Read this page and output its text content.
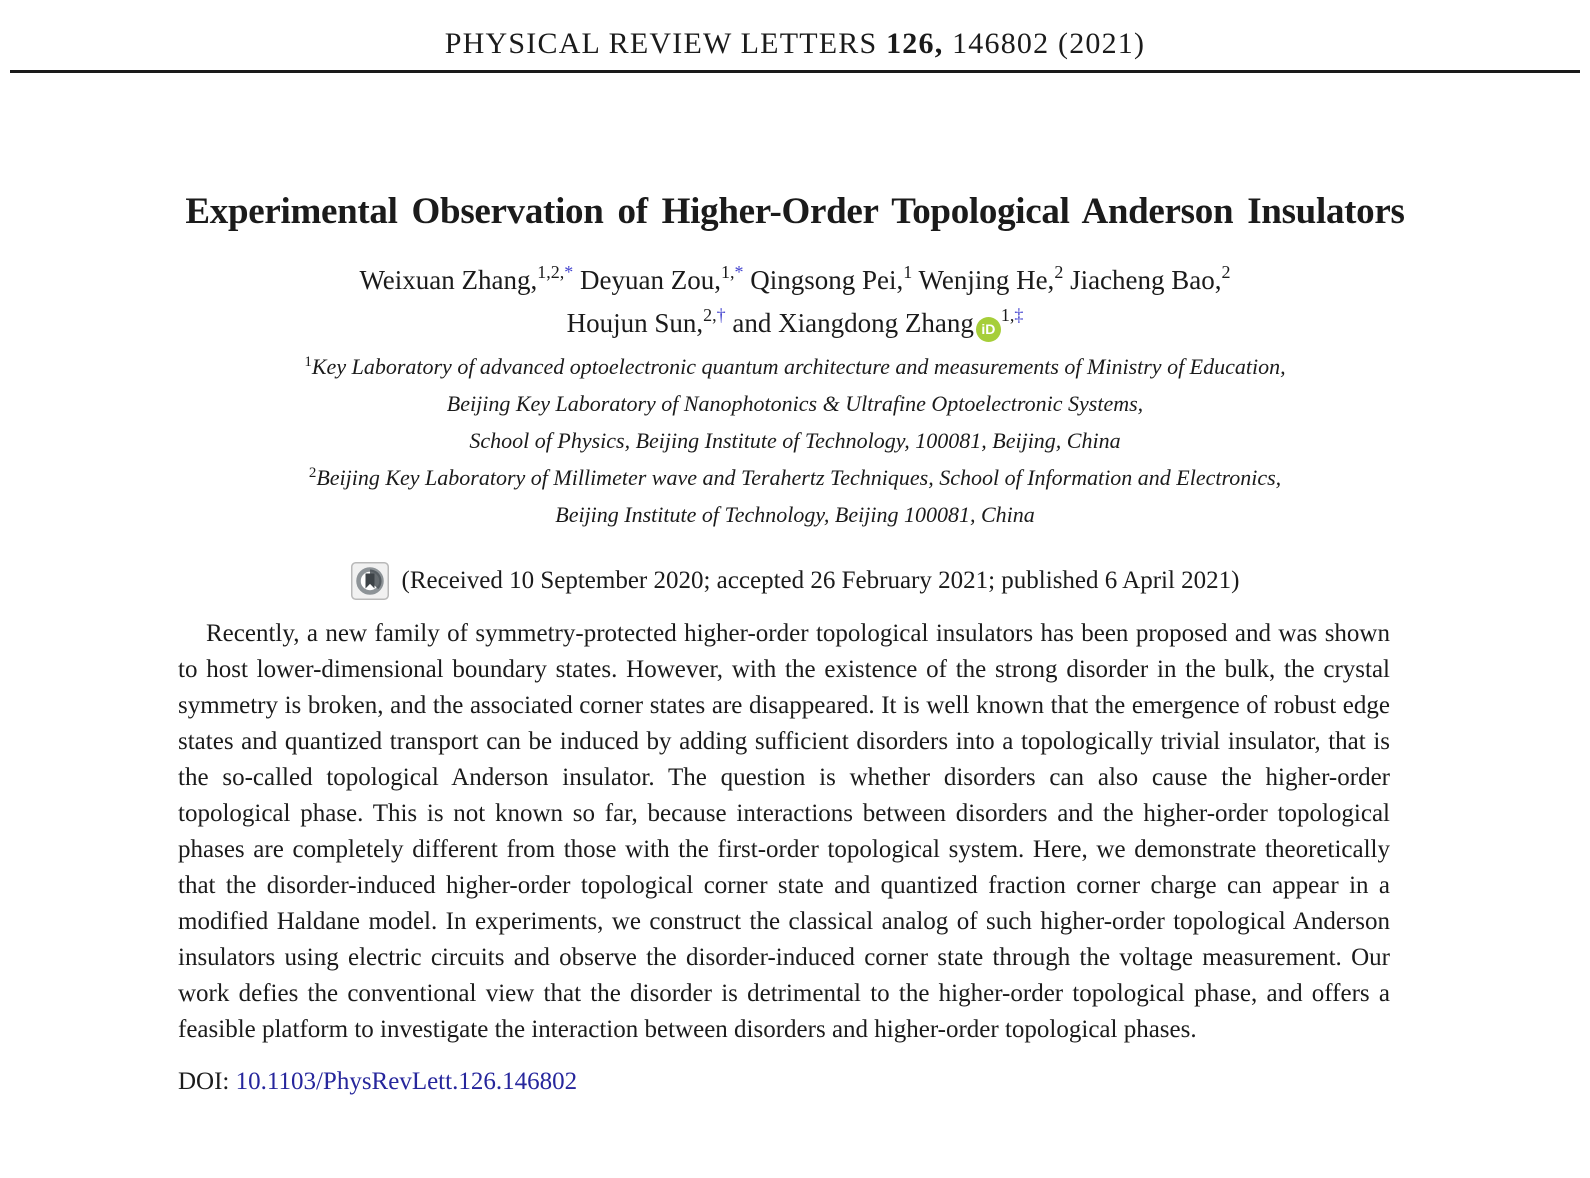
PHYSICAL REVIEW LETTERS 126, 146802 (2021)
Experimental Observation of Higher-Order Topological Anderson Insulators
Weixuan Zhang,$^{1,2,*}$ Deyuan Zou,$^{1,*}$ Qingsong Pei,$^1$ Wenjing He,$^2$ Jiacheng Bao,$^2$
Houjun Sun,$^{2,\dagger}$ and Xiangdong Zhang $iD^{1,\ddagger}$
$^1$Key Laboratory of advanced optoelectronic quantum architecture and measurements of Ministry of Education,
Beijing Key Laboratory of Nanophotonics & Ultrafine Optoelectronic Systems,
School of Physics, Beijing Institute of Technology, 100081, Beijing, China
$^2$Beijing Key Laboratory of Millimeter wave and Terahertz Techniques, School of Information and Electronics,
Beijing Institute of Technology, Beijing 100081, China
(Received 10 September 2020; accepted 26 February 2021; published 6 April 2021)

Recently, a new family of symmetry-protected higher-order topological insulators has been proposed and was shown to host lower-dimensional boundary states. However, with the existence of the strong disorder in the bulk, the crystal symmetry is broken, and the associated corner states are disappeared. It is well known that the emergence of robust edge states and quantized transport can be induced by adding sufficient disorders into a topologically trivial insulator, that is the so-called topological Anderson insulator. The question is whether disorders can also cause the higher-order topological phase. This is not known so far, because interactions between disorders and the higher-order topological phases are completely different from those with the first-order topological system. Here, we demonstrate theoretically that the disorder-induced higher-order topological corner state and quantized fraction corner charge can appear in a modified Haldane model. In experiments, we construct the classical analog of such higher-order topological Anderson insulators using electric circuits and observe the disorder-induced corner state through the voltage measurement. Our work defies the conventional view that the disorder is detrimental to the higher-order topological phase, and offers a feasible platform to investigate the interaction between disorders and higher-order topological phases.

DOI: 10.1103/PhysRevLett.126.146802
